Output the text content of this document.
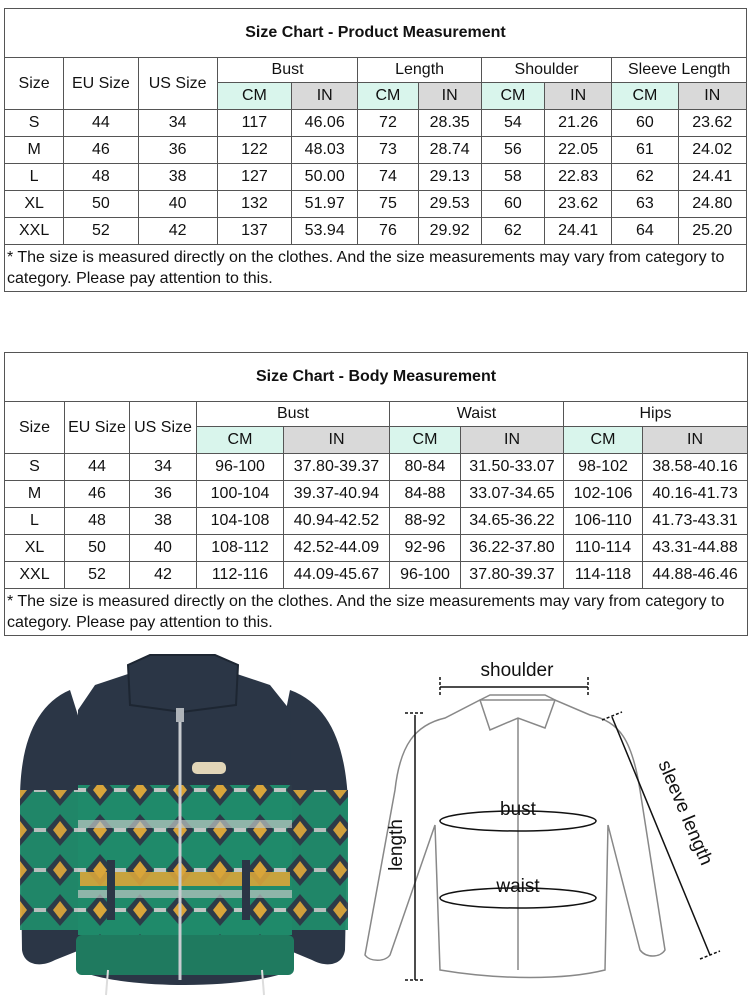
Size Chart - Product Measurement										
Size	EU Size	US Size	Bust		Length		Shoulder		Sleeve Length	
			CM	IN	CM	IN	CM	IN	CM	IN
S	44	34	117	46.06	72	28.35	54	21.26	60	23.62
M	46	36	122	48.03	73	28.74	56	22.05	61	24.02
L	48	38	127	50.00	74	29.13	58	22.83	62	24.41
XL	50	40	132	51.97	75	29.53	60	23.62	63	24.80
XXL	52	42	137	53.94	76	29.92	62	24.41	64	25.20
* The size is measured directly on the clothes. And the size measurements may vary from category to category. Please pay attention to this.										
Size Chart - Body Measurement								
Size	EU Size	US Size	Bust		Waist		Hips	
			CM	IN	CM	IN	CM	IN
S	44	34	96-100	37.80-39.37	80-84	31.50-33.07	98-102	38.58-40.16
M	46	36	100-104	39.37-40.94	84-88	33.07-34.65	102-106	40.16-41.73
L	48	38	104-108	40.94-42.52	88-92	34.65-36.22	106-110	41.73-43.31
XL	50	40	108-112	42.52-44.09	92-96	36.22-37.80	110-114	43.31-44.88
XXL	52	42	112-116	44.09-45.67	96-100	37.80-39.37	114-118	44.88-46.46
* The size is measured directly on the clothes. And the size measurements may vary from category to category. Please pay attention to this.								
shoulder
length
bust
waist
sleeve length
